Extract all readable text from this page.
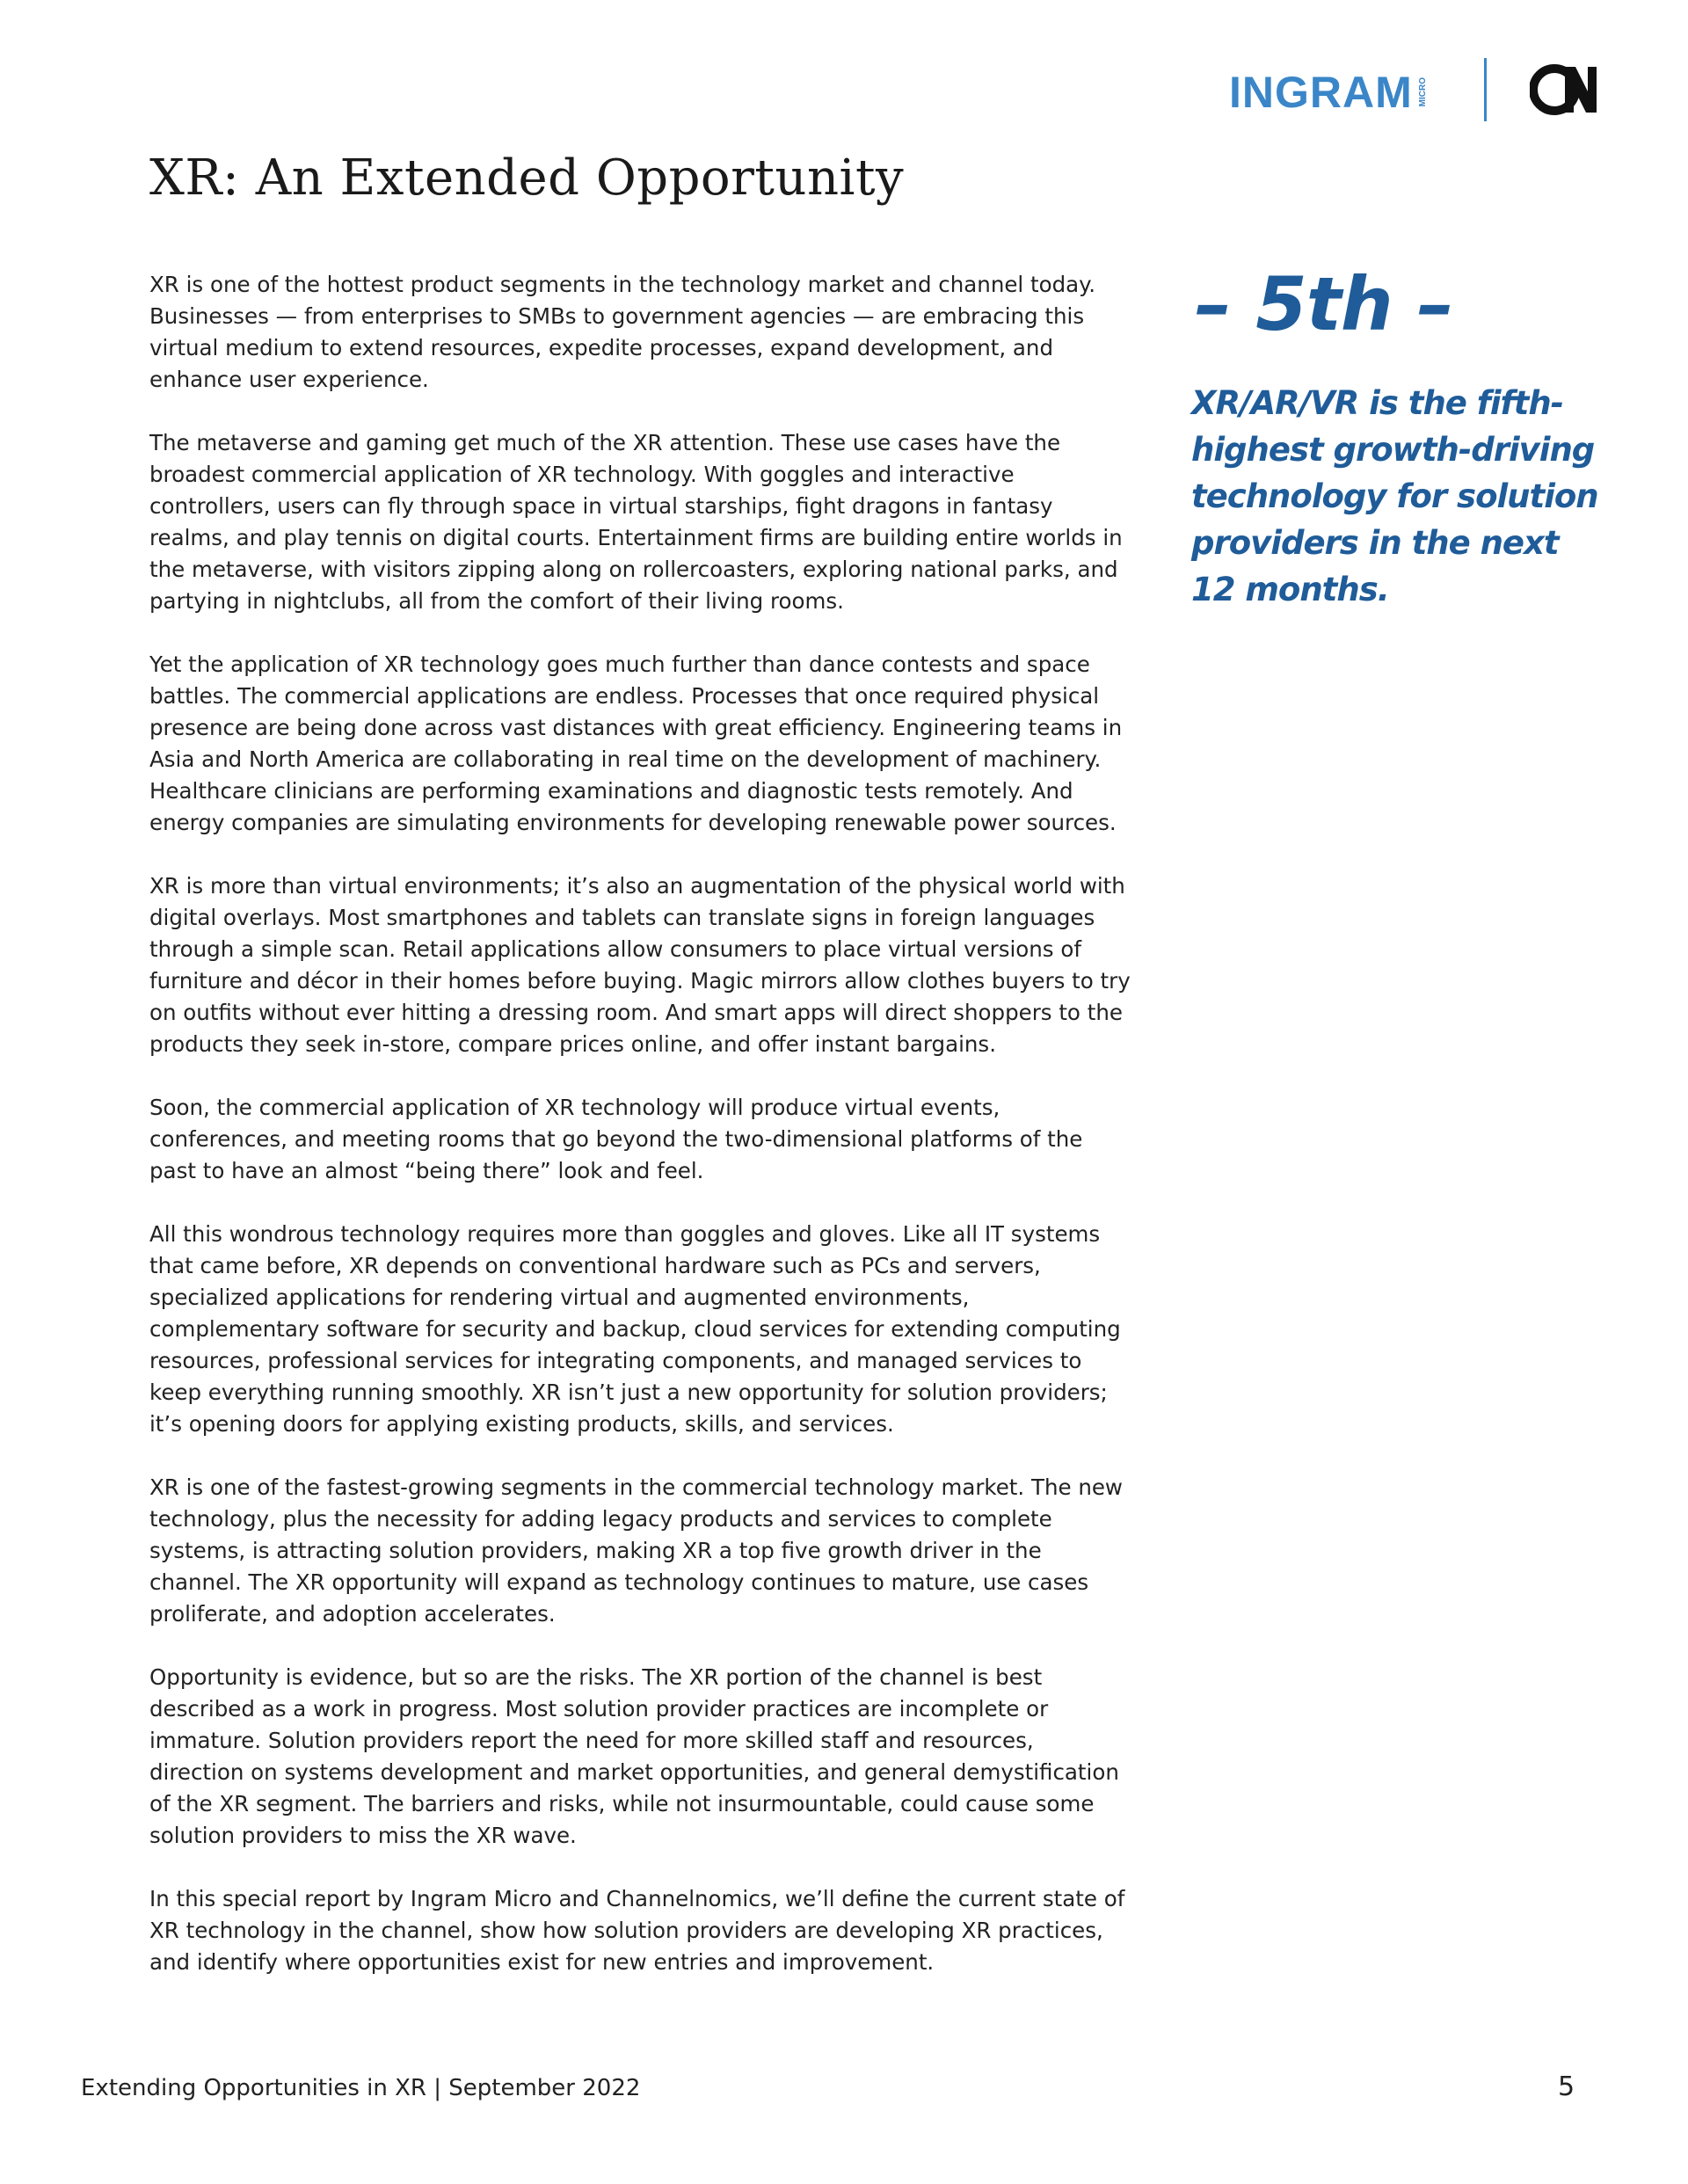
INGRAM MICRO
XR: An Extended Opportunity

XR is one of the hottest product segments in the technology market and channel today. Businesses — from enterprises to SMBs to government agencies — are embracing this virtual medium to extend resources, expedite processes, expand development, and enhance user experience.

The metaverse and gaming get much of the XR attention. These use cases have the broadest commercial application of XR technology. With goggles and interactive controllers, users can fly through space in virtual starships, fight dragons in fantasy realms, and play tennis on digital courts. Entertainment firms are building entire worlds in the metaverse, with visitors zipping along on rollercoasters, exploring national parks, and partying in nightclubs, all from the comfort of their living rooms.

Yet the application of XR technology goes much further than dance contests and space battles. The commercial applications are endless. Processes that once required physical presence are being done across vast distances with great efficiency. Engineering teams in Asia and North America are collaborating in real time on the development of machinery. Healthcare clinicians are performing examinations and diagnostic tests remotely. And energy companies are simulating environments for developing renewable power sources.

XR is more than virtual environments; it’s also an augmentation of the physical world with digital overlays. Most smartphones and tablets can translate signs in foreign languages through a simple scan. Retail applications allow consumers to place virtual versions of furniture and décor in their homes before buying. Magic mirrors allow clothes buyers to try on outfits without ever hitting a dressing room. And smart apps will direct shoppers to the products they seek in-store, compare prices online, and offer instant bargains.

Soon, the commercial application of XR technology will produce virtual events, conferences, and meeting rooms that go beyond the two-dimensional platforms of the past to have an almost “being there” look and feel.

All this wondrous technology requires more than goggles and gloves. Like all IT systems that came before, XR depends on conventional hardware such as PCs and servers, specialized applications for rendering virtual and augmented environments, complementary software for security and backup, cloud services for extending computing resources, professional services for integrating components, and managed services to keep everything running smoothly. XR isn’t just a new opportunity for solution providers; it’s opening doors for applying existing products, skills, and services.

XR is one of the fastest-growing segments in the commercial technology market. The new technology, plus the necessity for adding legacy products and services to complete systems, is attracting solution providers, making XR a top five growth driver in the channel. The XR opportunity will expand as technology continues to mature, use cases proliferate, and adoption accelerates.

Opportunity is evidence, but so are the risks. The XR portion of the channel is best described as a work in progress. Most solution provider practices are incomplete or immature. Solution providers report the need for more skilled staff and resources, direction on systems development and market opportunities, and general demystification of the XR segment. The barriers and risks, while not insurmountable, could cause some solution providers to miss the XR wave.

In this special report by Ingram Micro and Channelnomics, we’ll define the current state of XR technology in the channel, show how solution providers are developing XR practices, and identify where opportunities exist for new entries and improvement.

– 5th –

XR/AR/VR is the fifth-highest growth-driving technology for solution providers in the next 12 months.

Extending Opportunities in XR | September 2022	5
